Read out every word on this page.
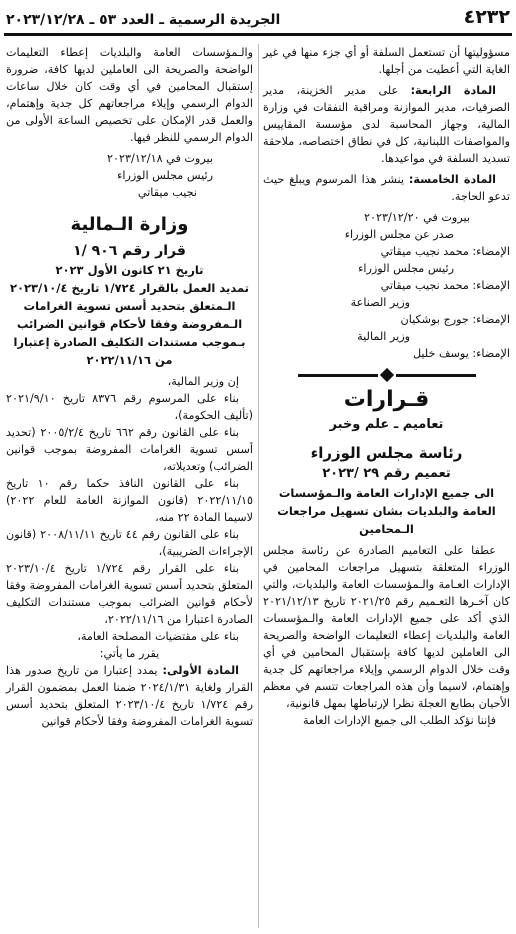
٤٢٣٢
الجريدة الرسمية ـ العدد ٥٣ ـ ٢٠٢٣/١٢/٢٨

مسؤوليتها أن تستعمل السلفة أو أي جزء منها في غير الغاية التي أعطيت من أجلها.

المادة الرابعة: على مدير الخزينة، مدير الصرفيات، مدير الموازنة ومراقبة النفقات في وزارة المالية، وجهاز المحاسبة لدى مؤسسة المقاييس والمواصفات اللبنانية، كل في نطاق اختصاصه، ملاحقة تسديد السلفة في مواعيدها.

المادة الخامسة: ينشر هذا المرسوم ويبلغ حيث تدعو الحاجة.

بيروت في ٢٠٢٣/١٢/٢٠

صدر عن مجلس الوزراء

الإمضاء: محمد نجيب ميقاتي

رئيس مجلس الوزراء

الإمضاء: محمد نجيب ميقاتي

وزير الصناعة

الإمضاء: جورج بوشكيان

وزير المالية

الإمضاء: يوسف خليل

قـرارات
تعاميم ـ علم وخبر
رئاسة مجلس الوزراء
تعميم رقم ٢٩ /٢٠٢٣
الى جميع الإدارات العامة والـمؤسسات العامة والبلديات بشان تسهيل مراجعات الـمحامين

عطفا على التعاميم الصادرة عن رئاسة مجلس الوزراء المتعلقة بتسهيل مراجعات المحامين في الإدارات العـامة والـمؤسسات العامة والبلديات، والتي كان آخـرها التعـميم رقم ٢٠٢١/٢٥ تاريخ ٢٠٢١/١٢/١٣ الذي أكد على جميع الإدارات العامة والـمؤسسات العامة والبلديات إعطاء التعليمات الواضحة والصريحة الى العاملين لديها كافة بإستقبال المحامين في أي وقت خلال الدوام الرسمي وإيلاء مراجعاتهم كل جدية وإهتمام، لاسيما وأن هذه المراجعات تتسم في معظم الأحيان بطابع العجلة نظرا لإرتباطها بمهل قانونية،

فإننا نؤكد الطلب الى جميع الإدارات العامة

والـمؤسسات العامة والبلديات إعطاء التعليمات الواضحة والصريحة الى العاملين لديها كافة، ضرورة إستقبال المحامين في أي وقت كان خلال ساعات الدوام الرسمي وإيلاء مراجعاتهم كل جدية وإهتمام، والعمل قدر الإمكان على تخصيص الساعة الأولى من الدوام الرسمي للنظر فيها.

بيروت في ٢٠٢٣/١٢/١٨

رئيس مجلس الوزراء

نجيب ميقاتي

وزارة الـمالية
قرار رقم ٩٠٦ /١
تاريخ ٢١ كانون الأول ٢٠٢٣
تمديد العمل بالقرار ١/٧٢٤ تاريخ ٢٠٢٣/١٠/٤
الـمتعلق بتحديد أسس تسوية الغرامات الـمفروضة وفقا لأحكام قوانين الضرائب بـموجب مستندات التكليف الصادرة إعتبارا من ٢٠٢٢/١١/١٦

إن وزير المالية،

بناء على المرسوم رقم ٨٣٧٦ تاريخ ٢٠٢١/٩/١٠ (تأليف الحكومة)،

بناء على القانون رقم ٦٦٢ تاريخ ٢٠٠٥/٢/٤ (تحديد أسس تسوية الغرامات المفروضة بموجب قوانين الضرائب) وتعديلاته،

بناء على القانون النافذ حكما رقم ١٠ تاريخ ٢٠٢٢/١١/١٥ (قانون الموازنة العامة للعام ٢٠٢٢) لاسيما المادة ٢٢ منه،

بناء على القانون رقم ٤٤ تاريخ ٢٠٠٨/١١/١١ (قانون الإجراءات الضريبية)،

بناء على القرار رقم ١/٧٢٤ تاريخ ٢٠٢٣/١٠/٤ المتعلق بتحديد أسس تسوية الغرامات المفروضة وفقا لأحكام قوانين الضرائب بموجب مستندات التكليف الصادرة اعتبارا من ٢٠٢٢/١١/١٦،

بناء على مقتضيات المصلحة العامة،

يقرر ما يأتي:

المادة الأولى: يمدد إعتبارا من تاريخ صدور هذا القرار ولغاية ٢٠٢٤/١/٣١ ضمنا العمل بمضمون القرار رقم ١/٧٢٤ تاريخ ٢٠٢٣/١٠/٤ المتعلق بتحديد أسس تسوية الغرامات المفروضة وفقا لأحكام قوانين
